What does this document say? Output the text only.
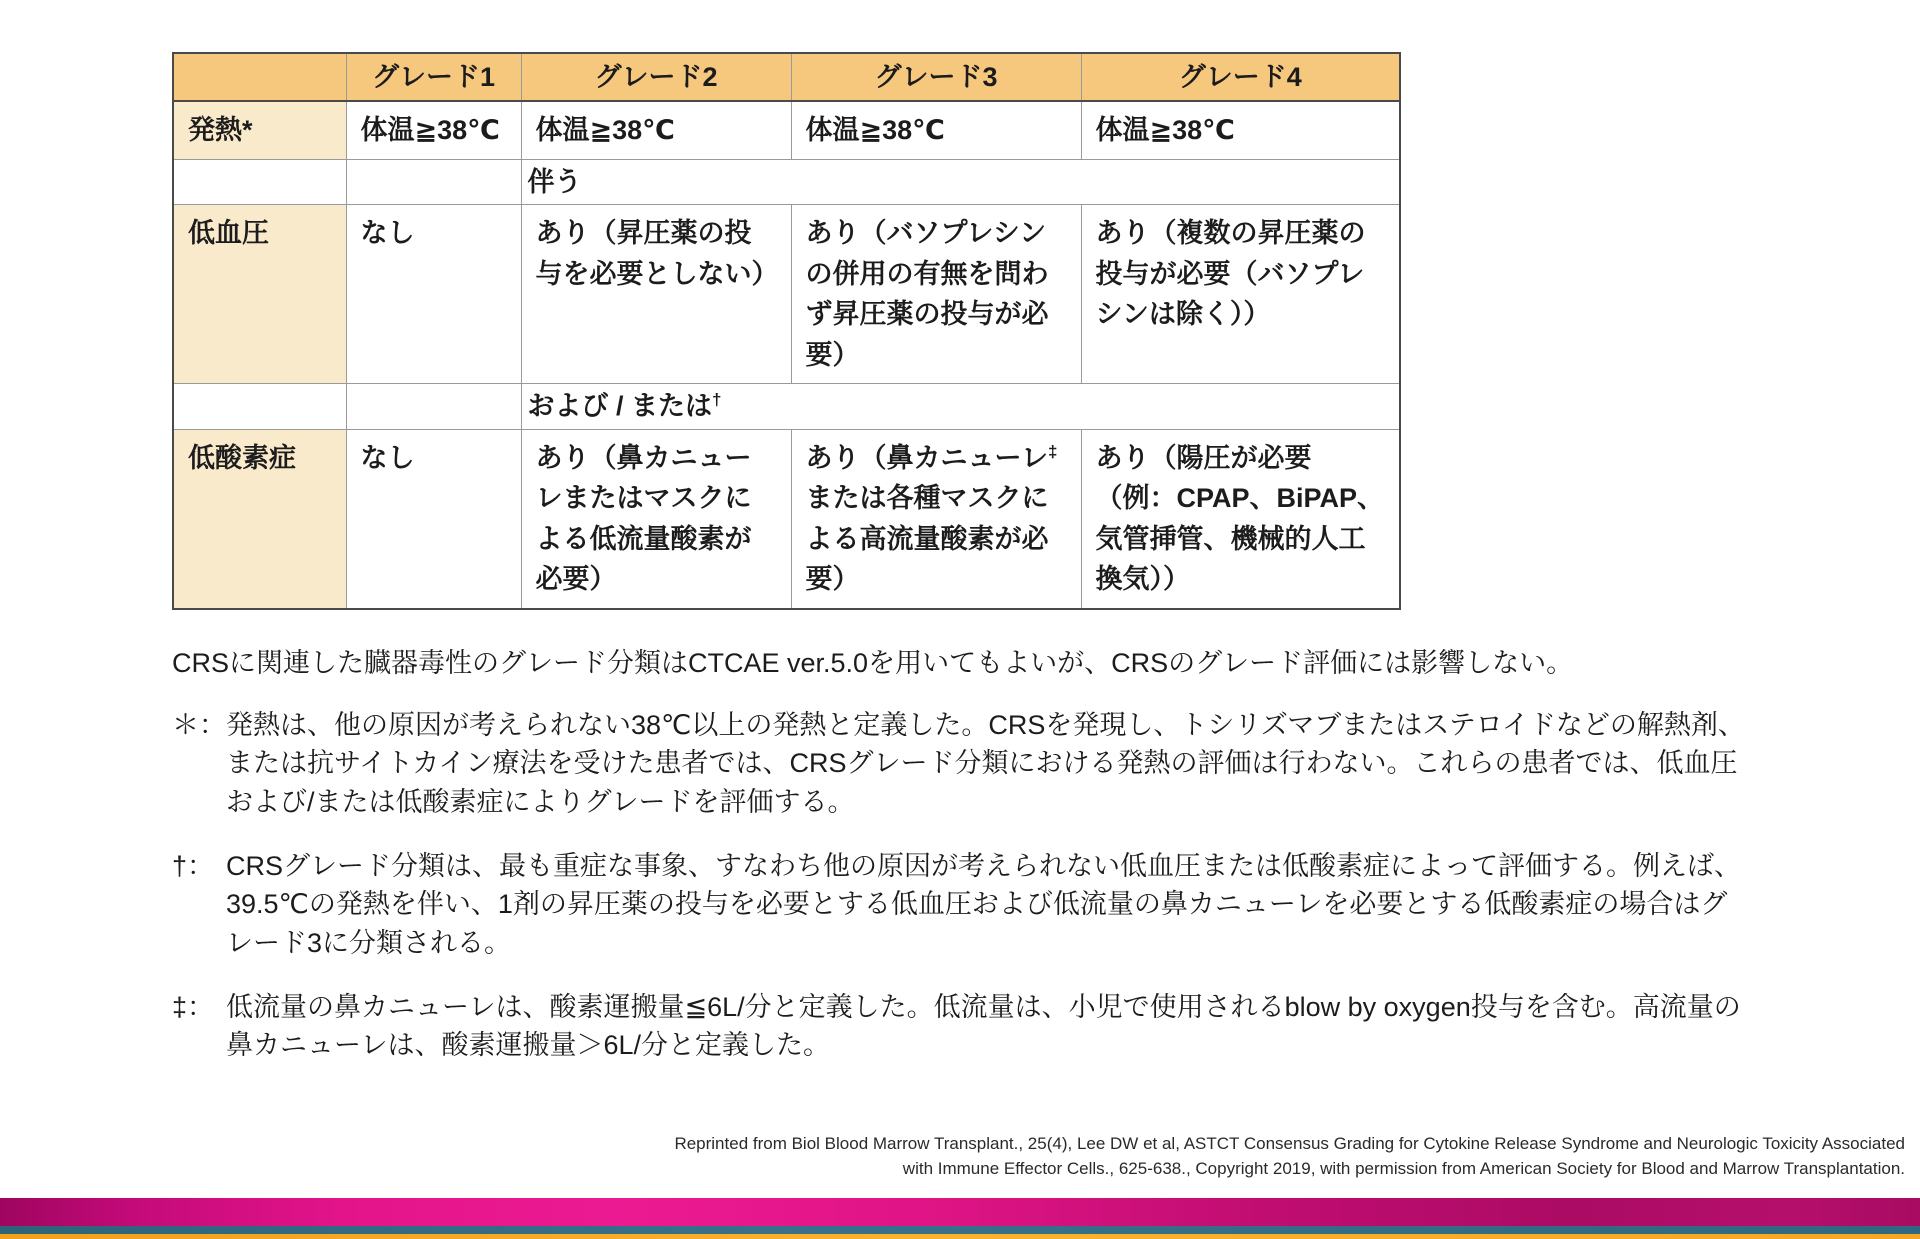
	グレード1	グレード2	グレード3	グレード4
発熱*	体温≧38℃	体温≧38℃	体温≧38℃	体温≧38℃
		伴う		
低血圧	なし	あり（昇圧薬の投与を必要としない）	あり（バソプレシンの併用の有無を問わず昇圧薬の投与が必要）	あり（複数の昇圧薬の投与が必要（バソプレシンは除く））
		および / または†
低酸素症	なし	あり（鼻カニューレまたはマスクによる低流量酸素が必要）	あり（鼻カニューレ‡または各種マスクによる高流量酸素が必要）	あり（陽圧が必要（例：CPAP、BiPAP、気管挿管、機械的人工換気））

CRSに関連した臓器毒性のグレード分類はCTCAE ver.5.0を用いてもよいが、CRSのグレード評価には影響しない。

＊：発熱は、他の原因が考えられない38℃以上の発熱と定義した。CRSを発現し、トシリズマブまたはステロイドなどの解熱剤、または抗サイトカイン療法を受けた患者では、CRSグレード分類における発熱の評価は行わない。これらの患者では、低血圧および/または低酸素症によりグレードを評価する。

†： CRSグレード分類は、最も重症な事象、すなわち他の原因が考えられない低血圧または低酸素症によって評価する。例えば、39.5℃の発熱を伴い、1剤の昇圧薬の投与を必要とする低血圧および低流量の鼻カニューレを必要とする低酸素症の場合はグレード3に分類される。

‡： 低流量の鼻カニューレは、酸素運搬量≦6L/分と定義した。低流量は、小児で使用されるblow by oxygen投与を含む。高流量の鼻カニューレは、酸素運搬量＞6L/分と定義した。

Reprinted from Biol Blood Marrow Transplant., 25(4), Lee DW et al, ASTCT Consensus Grading for Cytokine Release Syndrome and Neurologic Toxicity Associated
with Immune Effector Cells., 625-638., Copyright 2019, with permission from American Society for Blood and Marrow Transplantation.
